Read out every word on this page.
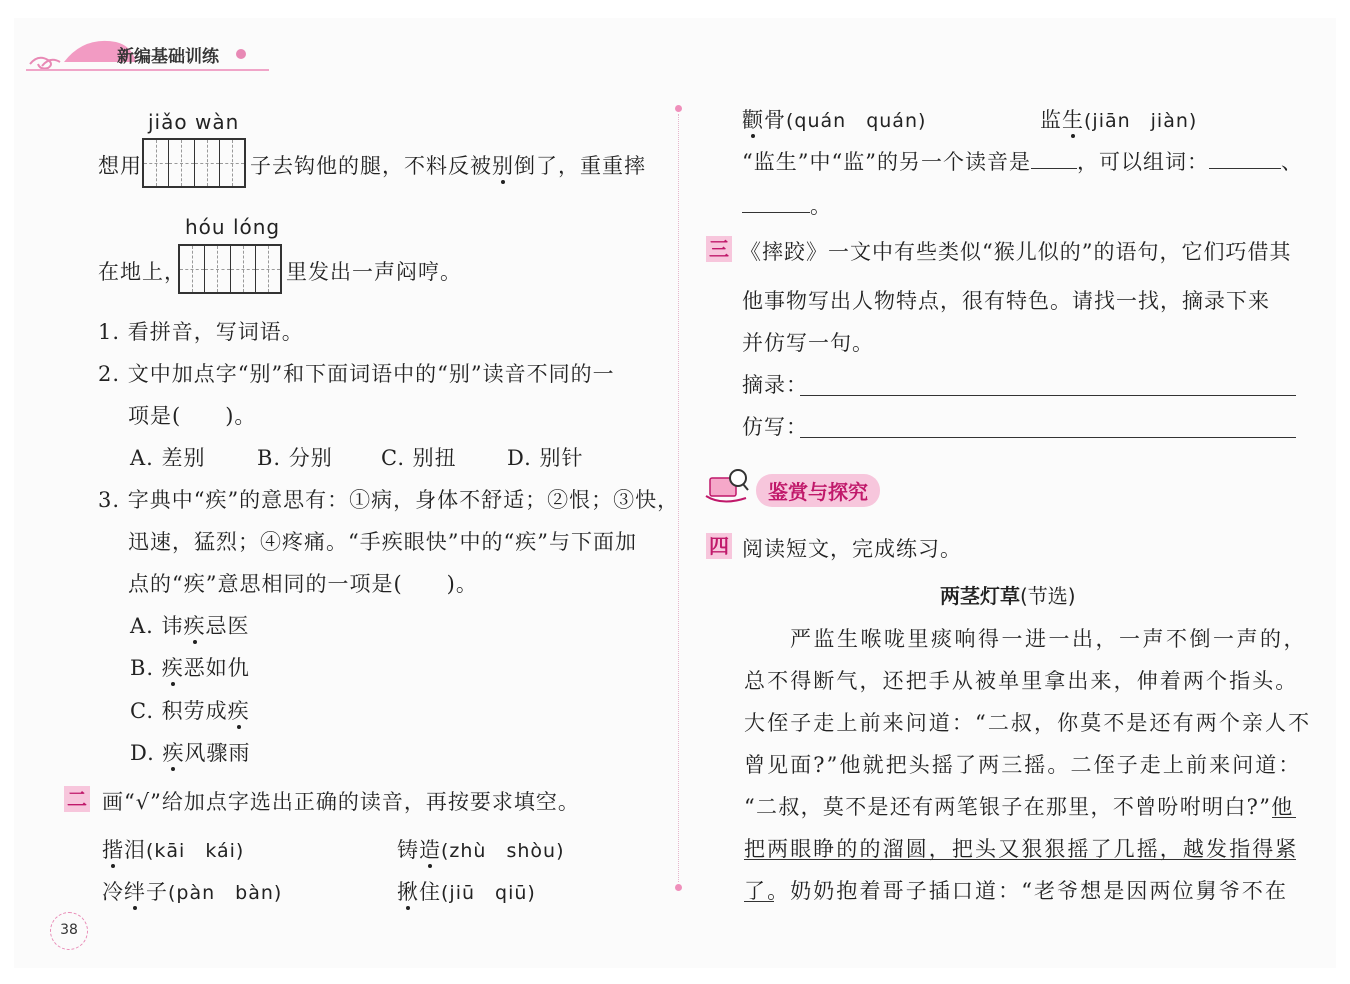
新编基础训练
jiǎo wàn
想用	子去钩他的腿，不料反被别倒了，重重摔
hóu lóng
在地上，	里发出一声闷哼。
1. 看拼音，写词语。
2. 文中加点字“别”和下面词语中的“别”读音不同的一
项是(　　)。
A. 差别 B. 分别 C. 别扭 D. 别针
3. 字典中“疾”的意思有：①病，身体不舒适；②恨；③快，
迅速，猛烈；④疼痛。“手疾眼快”中的“疾”与下面加
点的“疾”意思相同的一项是(　　)。
A. 讳疾忌医
B. 疾恶如仇
C. 积劳成疾
D. 疾风骤雨
二 画“√”给加点字选出正确的读音，再按要求填空。
揩泪(kāi　kái)	铸造(zhù　shòu)
冷绊子(pàn　bàn)	揪住(jiū　qiū)
38
颧骨(quán　quán)	监生(jiān　jiàn)
“监生”中“监”的另一个读音是 ，可以组词：	、
。
三 《摔跤》一文中有些类似“猴儿似的”的语句，它们巧借其
他事物写出人物特点，很有特色。请找一找，摘录下来
并仿写一句。
摘录：
仿写：
鉴赏与探究
四 阅读短文，完成练习。
两茎灯草(节选)
严监生喉咙里痰响得一进一出，一声不倒一声的，
总不得断气，还把手从被单里拿出来，伸着两个指头。
大侄子走上前来问道：“二叔，你莫不是还有两个亲人不
曾见面?”他就把头摇了两三摇。二侄子走上前来问道：
“二叔，莫不是还有两笔银子在那里，不曾吩咐明白?”他
把两眼睁的的溜圆，把头又狠狠摇了几摇，越发指得紧
了。奶奶抱着哥子插口道：“老爷想是因两位舅爷不在
